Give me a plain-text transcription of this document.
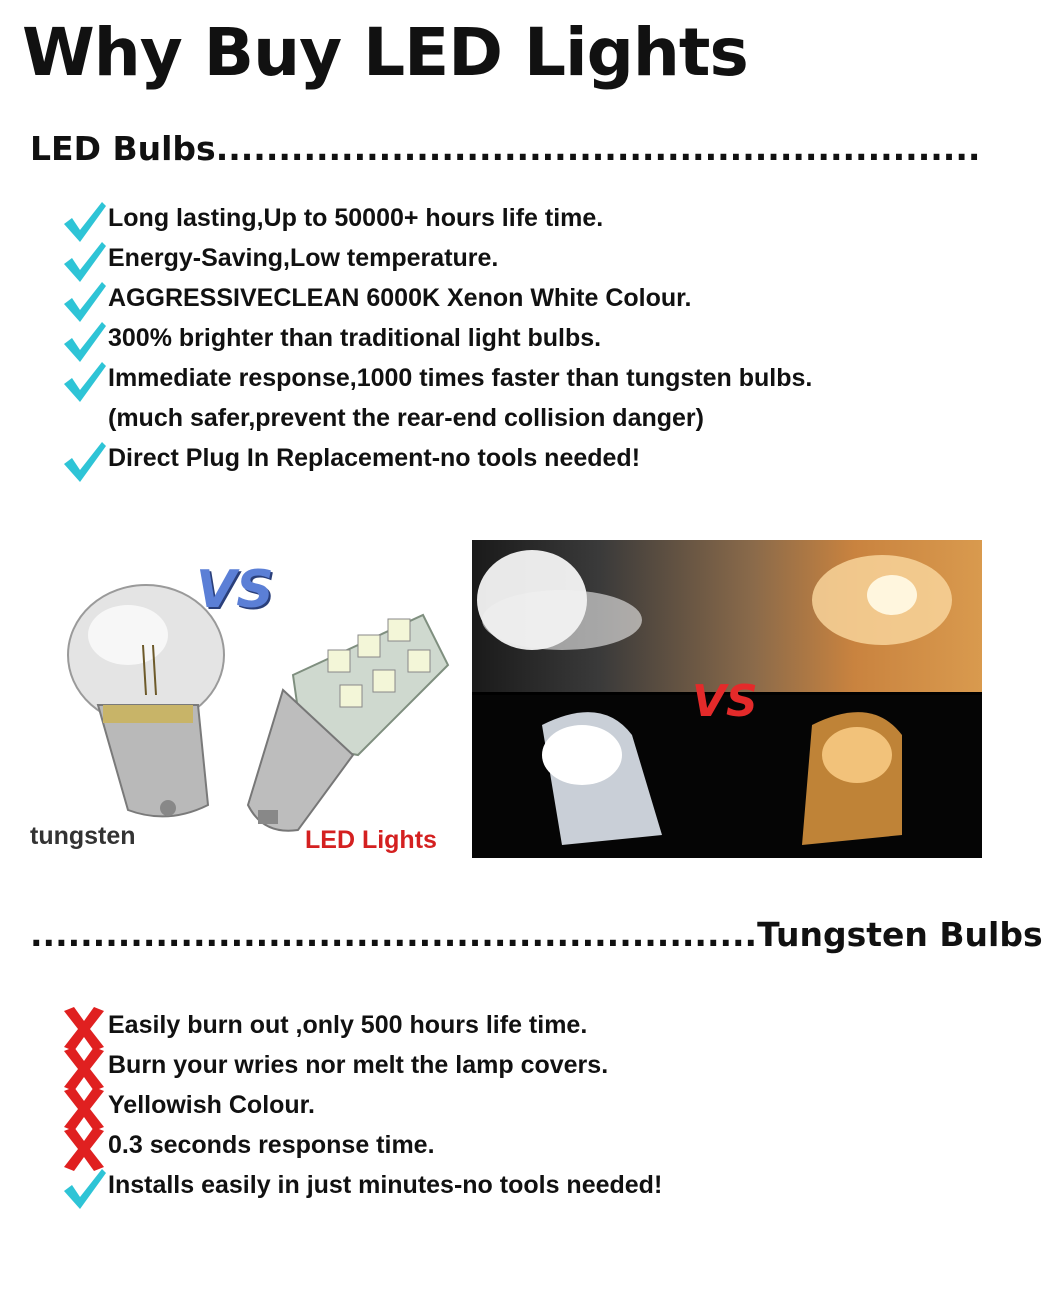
Why Buy LED Lights
LED Bulbs.............................................................
Long lasting,Up to 50000+ hours life time.
Energy-Saving,Low temperature.
AGGRESSIVECLEAN 6000K Xenon White Colour.
300% brighter than traditional light bulbs.
Immediate response,1000 times faster than tungsten bulbs.
(much safer,prevent the rear-end collision danger)
Direct Plug In Replacement-no tools needed!
VS
tungsten	LED Lights
VS
..........................................................Tungsten Bulbs
Easily burn out ,only 500 hours life time.
Burn your wries nor melt the lamp covers.
Yellowish Colour.
0.3 seconds response time.
Installs easily in just minutes-no tools needed!
